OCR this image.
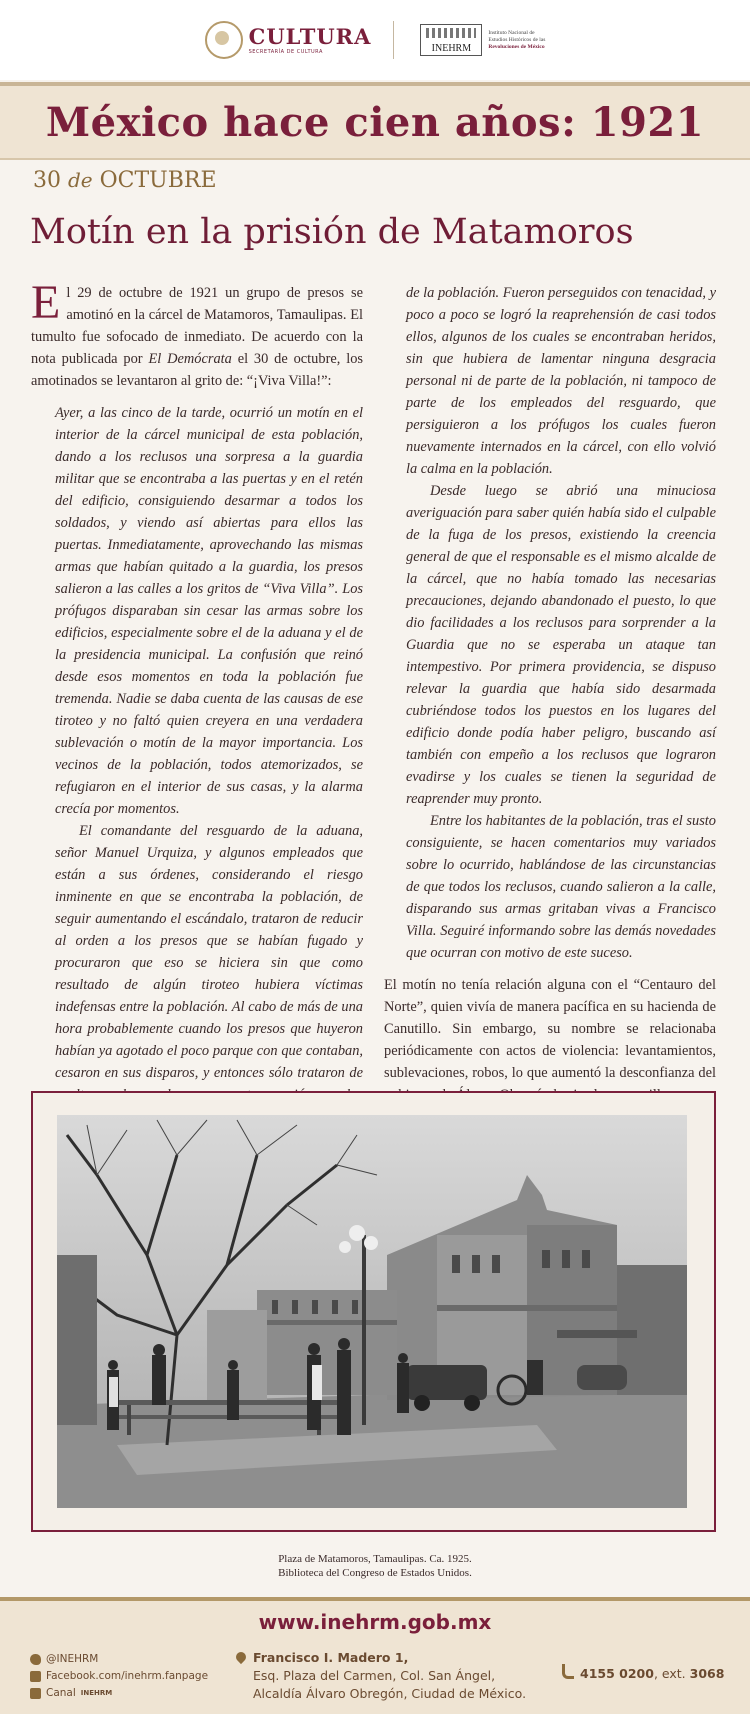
CULTURA
SECRETARÍA DE CULTURA	INEHRM
Instituto Nacional de
Estudios Históricos de las
Revoluciones de México
México hace cien años: 1921
30 de OCTUBRE
Motín en la prisión de Matamoros

El 29 de octubre de 1921 un grupo de presos se amotinó en la cárcel de Matamoros, Tamaulipas. El tumulto fue sofocado de inmediato. De acuerdo con la nota publicada por El Demócrata el 30 de octubre, los amotinados se levantaron al grito de: “¡Viva Villa!”:

Ayer, a las cinco de la tarde, ocurrió un motín en el interior de la cárcel municipal de esta población, dando a los reclusos una sorpresa a la guardia militar que se encontraba a las puertas y en el retén del edificio, consiguiendo desarmar a todos los soldados, y viendo así abiertas para ellos las puertas. Inmediatamente, aprovechando las mismas armas que habían quitado a la guardia, los presos salieron a las calles a los gritos de “Viva Villa”. Los prófugos disparaban sin cesar las armas sobre los edificios, especialmente sobre el de la aduana y el de la presidencia municipal. La confusión que reinó desde esos momentos en toda la población fue tremenda. Nadie se daba cuenta de las causas de ese tiroteo y no faltó quien creyera en una verdadera sublevación o motín de la mayor importancia. Los vecinos de la población, todos atemorizados, se refugiaron en el interior de sus casas, y la alarma crecía por momentos.

El comandante del resguardo de la aduana, señor Manuel Urquiza, y algunos empleados que están a sus órdenes, considerando el riesgo inminente en que se encontraba la población, de seguir aumentando el escándalo, trataron de reducir al orden a los presos que se habían fugado y procuraron que eso se hiciera sin que como resultado de algún tiroteo hubiera víctimas indefensas entre la población. Al cabo de más de una hora probablemente cuando los presos que huyeron habían ya agotado el poco parque con que contaban, cesaron en sus disparos, y entonces sólo trataron de

de la población. Fueron perseguidos con tenacidad, y poco a poco se logró la reaprehensión de casi todos ellos, algunos de los cuales se encontraban heridos, sin que hubiera de lamentar ninguna desgracia personal ni de parte de la población, ni tampoco de parte de los empleados del resguardo, que persiguieron a los prófugos los cuales fueron nuevamente internados en la cárcel, con ello volvió la calma en la población.

Desde luego se abrió una minuciosa averiguación para saber quién había sido el culpable de la fuga de los presos, existiendo la creencia general de que el responsable es el mismo alcalde de la cárcel, que no había tomado las necesarias precauciones, dejando abandonado el puesto, lo que dio facilidades a los reclusos para sorprender a la Guardia que no se esperaba un ataque tan intempestivo. Por primera providencia, se dispuso relevar la guardia que había sido desarmada cubriéndose todos los puestos en los lugares del edificio donde podía haber peligro, buscando así también con empeño a los reclusos que lograron evadirse y los cuales se tienen la seguridad de reaprender muy pronto.

Entre los habitantes de la población, tras el susto consiguiente, se hacen comentarios muy variados sobre lo ocurrido, hablándose de las circunstancias de que todos los reclusos, cuando salieron a la calle, disparando sus armas gritaban vivas a Francisco Villa. Seguiré informando sobre las demás novedades que ocurran con motivo de este suceso.

El motín no tenía relación alguna con el “Centauro del Norte”, quien vivía de manera pacífica en su hacienda de Canutillo. Sin embargo, su nombre se relacionaba periódicamente con actos de violencia: levantamientos, sublevaciones, robos, lo que aumentó la desconfianza del

Plaza de Matamoros, Tamaulipas. Ca. 1925.
Biblioteca del Congreso de Estados Unidos.
www.inehrm.gob.mx
@INEHRM
Facebook.com/inehrm.fanpage
Canal INEHRM
Francisco I. Madero 1,
Esq. Plaza del Carmen, Col. San Ángel,
Alcaldía Álvaro Obregón, Ciudad de México.
4155 0200, ext. 3068
